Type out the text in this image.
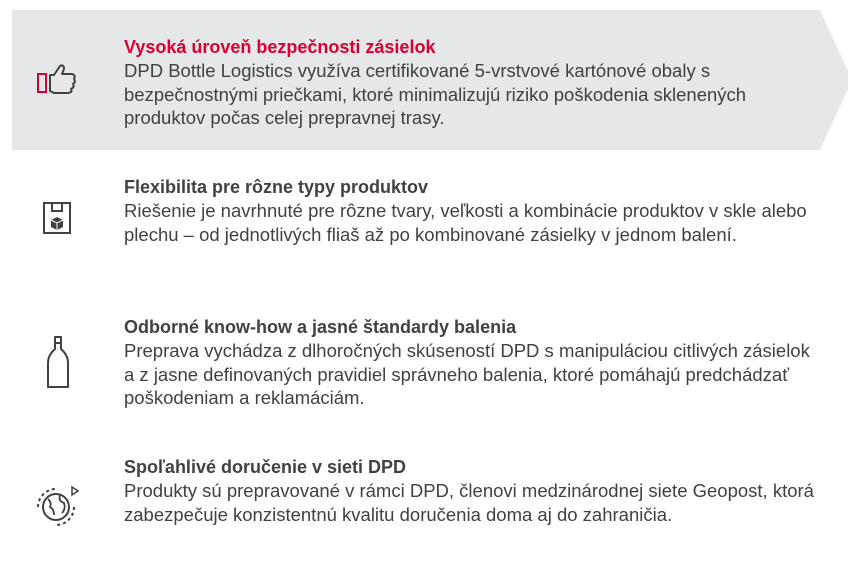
Vysoká úroveň bezpečnosti zásielok

DPD Bottle Logistics využíva certifikované 5-vrstvové kartónové obaly s bezpečnostnými priečkami, ktoré minimalizujú riziko poškodenia sklenených produktov počas celej prepravnej trasy.

Flexibilita pre rôzne typy produktov

Riešenie je navrhnuté pre rôzne tvary, veľkosti a kombinácie produktov v skle alebo plechu – od jednotlivých fliaš až po kombinované zásielky v jednom balení.

Odborné know-how a jasné štandardy balenia

Preprava vychádza z dlhoročných skúseností DPD s manipuláciou citlivých zásielok a z jasne definovaných pravidiel správneho balenia, ktoré pomáhajú predchádzať poškodeniam a reklamáciám.

Spoľahlivé doručenie v sieti DPD

Produkty sú prepravované v rámci DPD, členovi medzinárodnej siete Geopost, ktorá zabezpečuje konzistentnú kvalitu doručenia doma aj do zahraničia.
